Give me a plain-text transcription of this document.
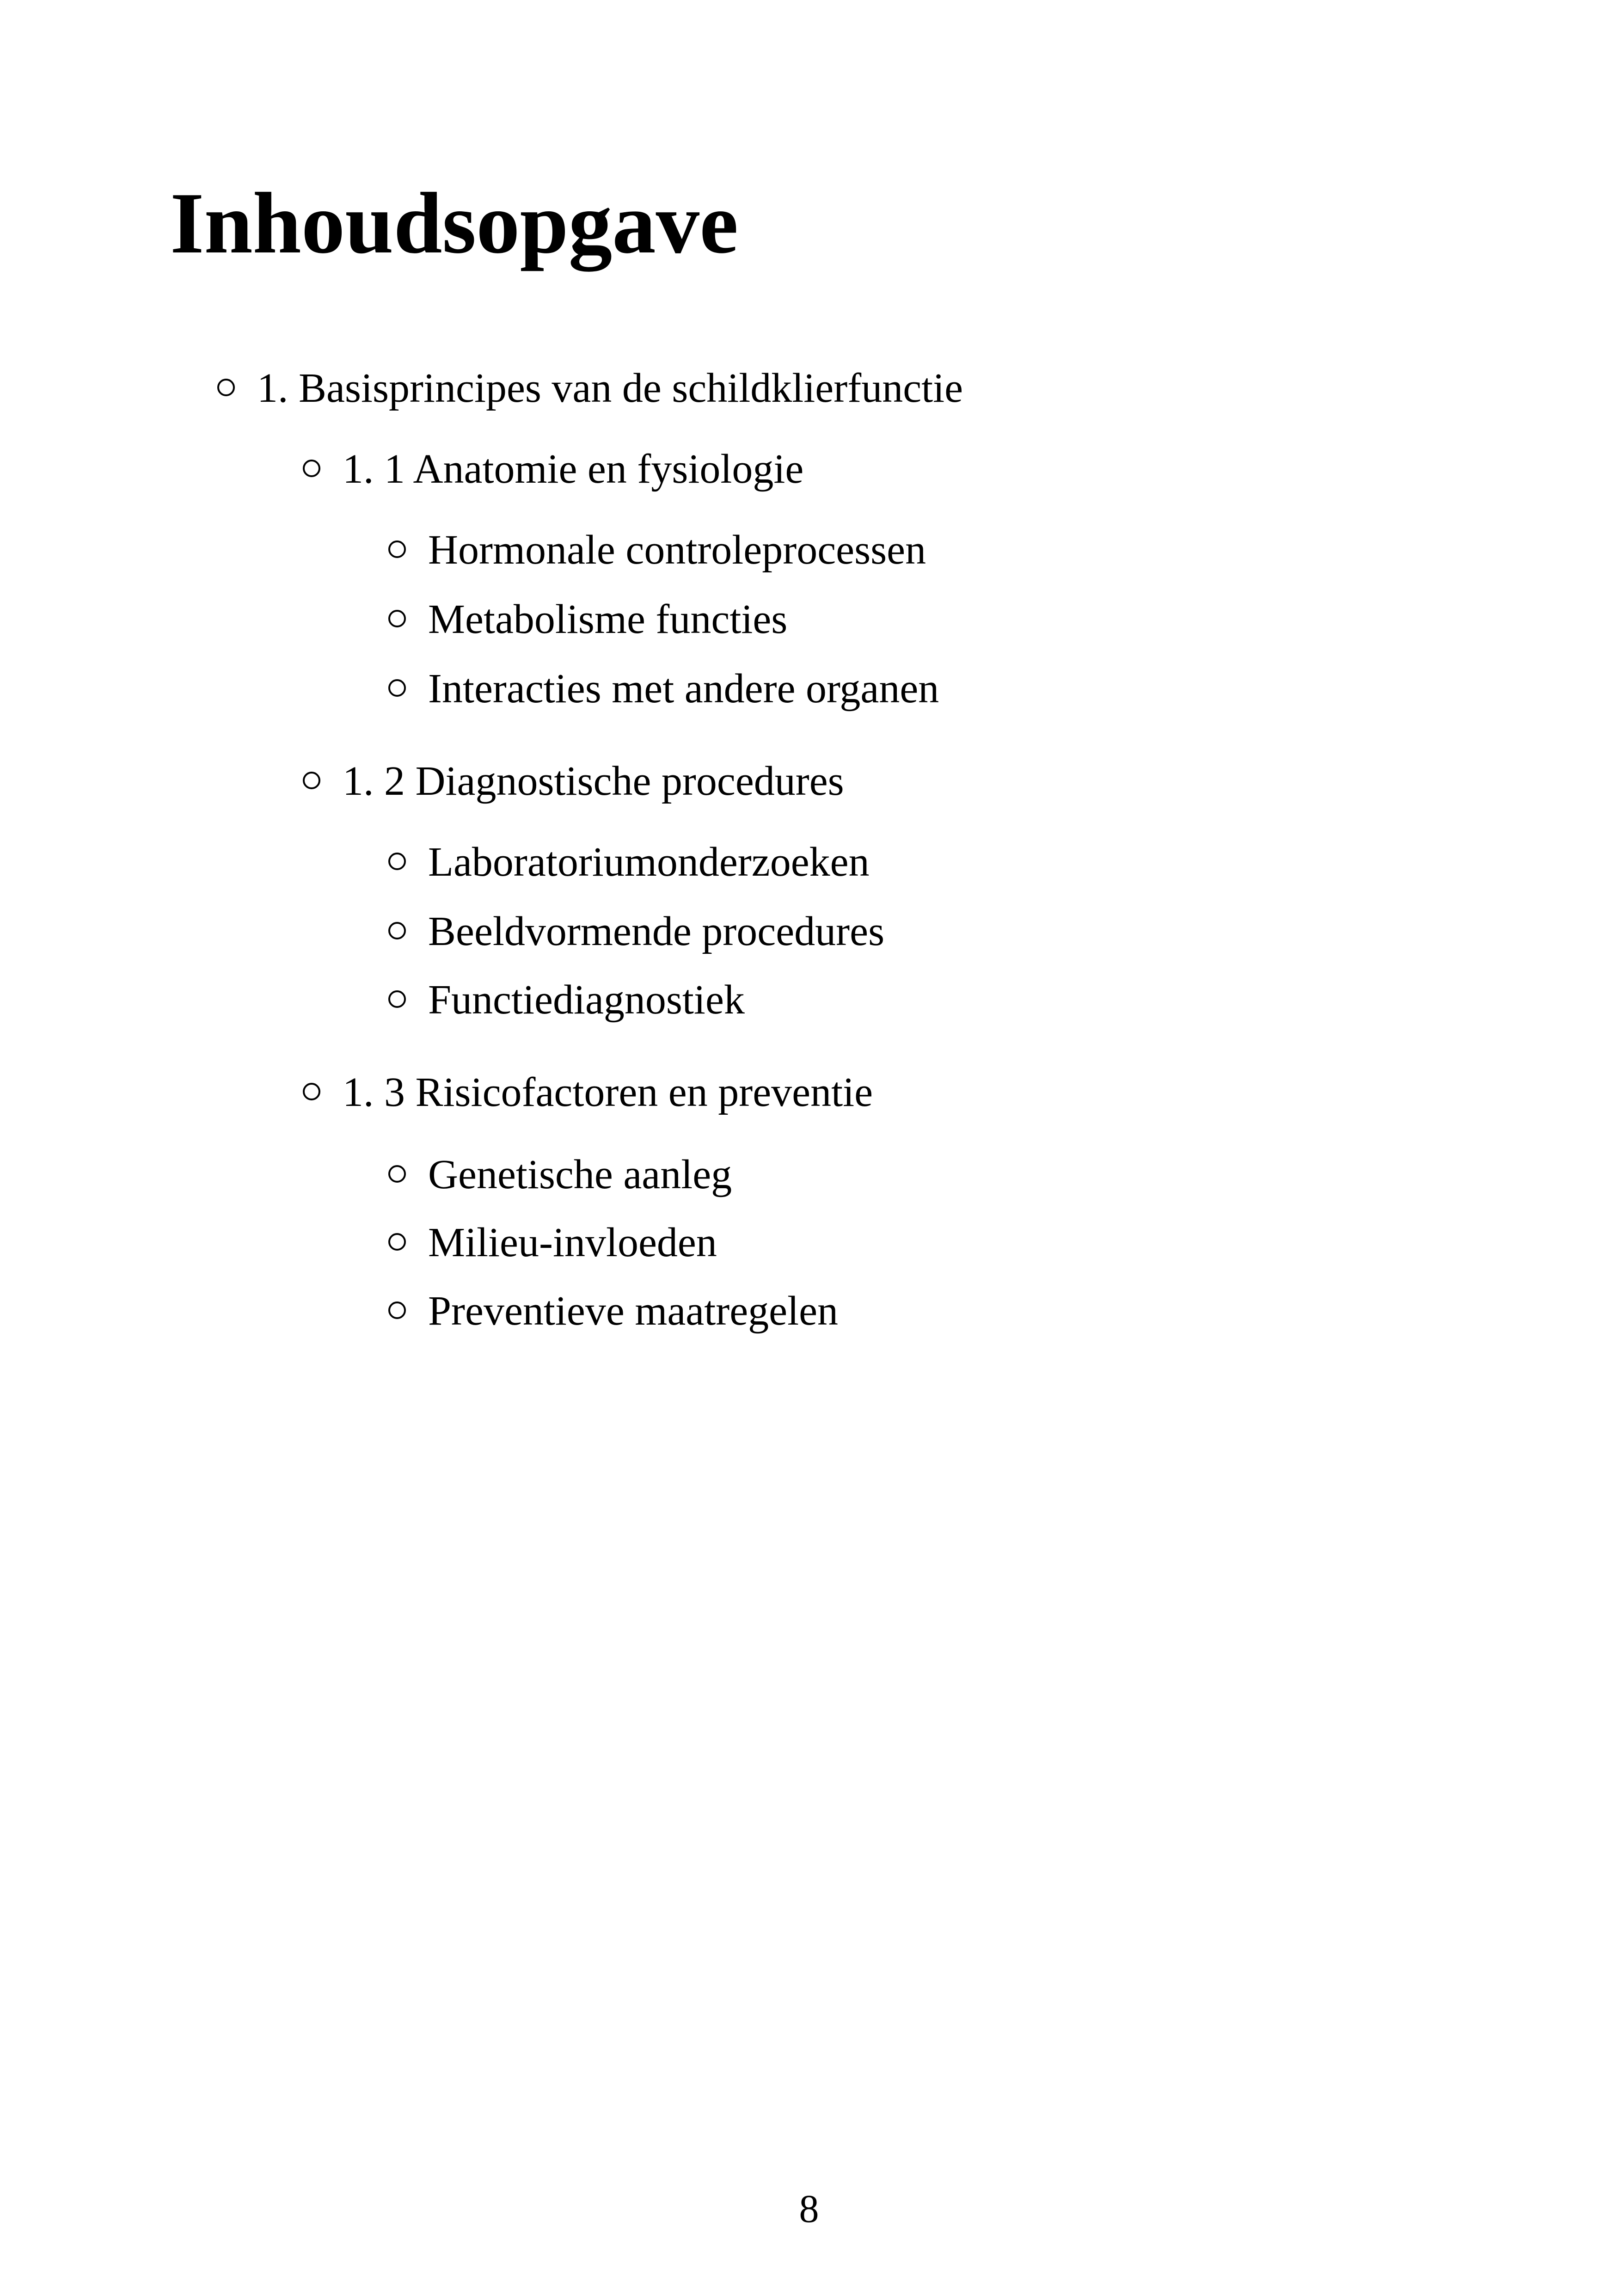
Inhoudsopgave
1. Basisprincipes van de schildklierfunctie
1. 1 Anatomie en fysiologie
Hormonale controleprocessen
Metabolisme functies
Interacties met andere organen
1. 2 Diagnostische procedures
Laboratoriumonderzoeken
Beeldvormende procedures
Functiediagnostiek
1. 3 Risicofactoren en preventie
Genetische aanleg
Milieu-invloeden
Preventieve maatregelen
8
